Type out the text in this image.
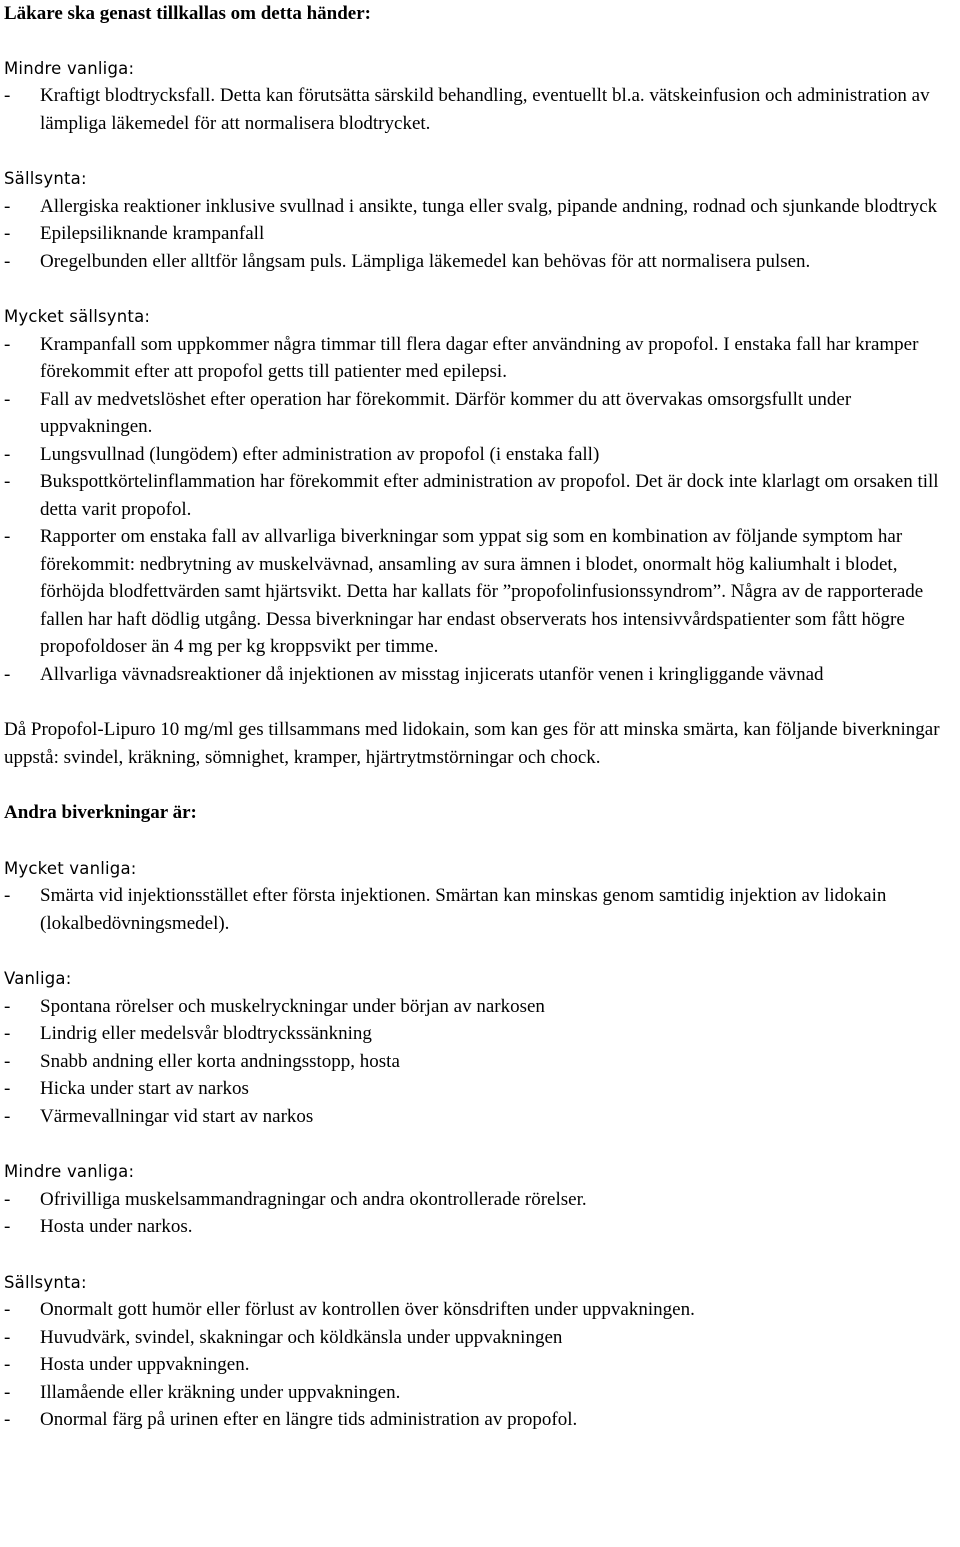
Läkare ska genast tillkallas om detta händer:

Mindre vanliga:

- Kraftigt blodtrycksfall. Detta kan förutsätta särskild behandling, eventuellt bl.a. vätskeinfusion och administration av lämpliga läkemedel för att normalisera blodtrycket.

Sällsynta:

- Allergiska reaktioner inklusive svullnad i ansikte, tunga eller svalg, pipande andning, rodnad och sjunkande blodtryck
- Epilepsiliknande krampanfall
- Oregelbunden eller alltför långsam puls. Lämpliga läkemedel kan behövas för att normalisera pulsen.

Mycket sällsynta:

- Krampanfall som uppkommer några timmar till flera dagar efter användning av propofol. I enstaka fall har kramper förekommit efter att propofol getts till patienter med epilepsi.
- Fall av medvetslöshet efter operation har förekommit. Därför kommer du att övervakas omsorgsfullt under uppvakningen.
- Lungsvullnad (lungödem) efter administration av propofol (i enstaka fall)
- Bukspottkörtelinflammation har förekommit efter administration av propofol. Det är dock inte klarlagt om orsaken till detta varit propofol.
- Rapporter om enstaka fall av allvarliga biverkningar som yppat sig som en kombination av följande symptom har förekommit: nedbrytning av muskelvävnad, ansamling av sura ämnen i blodet, onormalt hög kaliumhalt i blodet, förhöjda blodfettvärden samt hjärtsvikt. Detta har kallats för ”propofolinfusionssyndrom”. Några av de rapporterade fallen har haft dödlig utgång. Dessa biverkningar har endast observerats hos intensivvårdspatienter som fått högre propofoldoser än 4 mg per kg kroppsvikt per timme.
- Allvarliga vävnadsreaktioner då injektionen av misstag injicerats utanför venen i kringliggande vävnad

Då Propofol-Lipuro 10 mg/ml ges tillsammans med lidokain, som kan ges för att minska smärta, kan följande biverkningar uppstå: svindel, kräkning, sömnighet, kramper, hjärtrytmstörningar och chock.

Andra biverkningar är:

Mycket vanliga:

- Smärta vid injektionsstället efter första injektionen. Smärtan kan minskas genom samtidig injektion av lidokain (lokalbedövningsmedel).

Vanliga:

- Spontana rörelser och muskelryckningar under början av narkosen
- Lindrig eller medelsvår blodtryckssänkning
- Snabb andning eller korta andningsstopp, hosta
- Hicka under start av narkos
- Värmevallningar vid start av narkos

Mindre vanliga:

- Ofrivilliga muskelsammandragningar och andra okontrollerade rörelser.
- Hosta under narkos.

Sällsynta:

- Onormalt gott humör eller förlust av kontrollen över könsdriften under uppvakningen.
- Huvudvärk, svindel, skakningar och köldkänsla under uppvakningen
- Hosta under uppvakningen.
- Illamående eller kräkning under uppvakningen.
- Onormal färg på urinen efter en längre tids administration av propofol.
